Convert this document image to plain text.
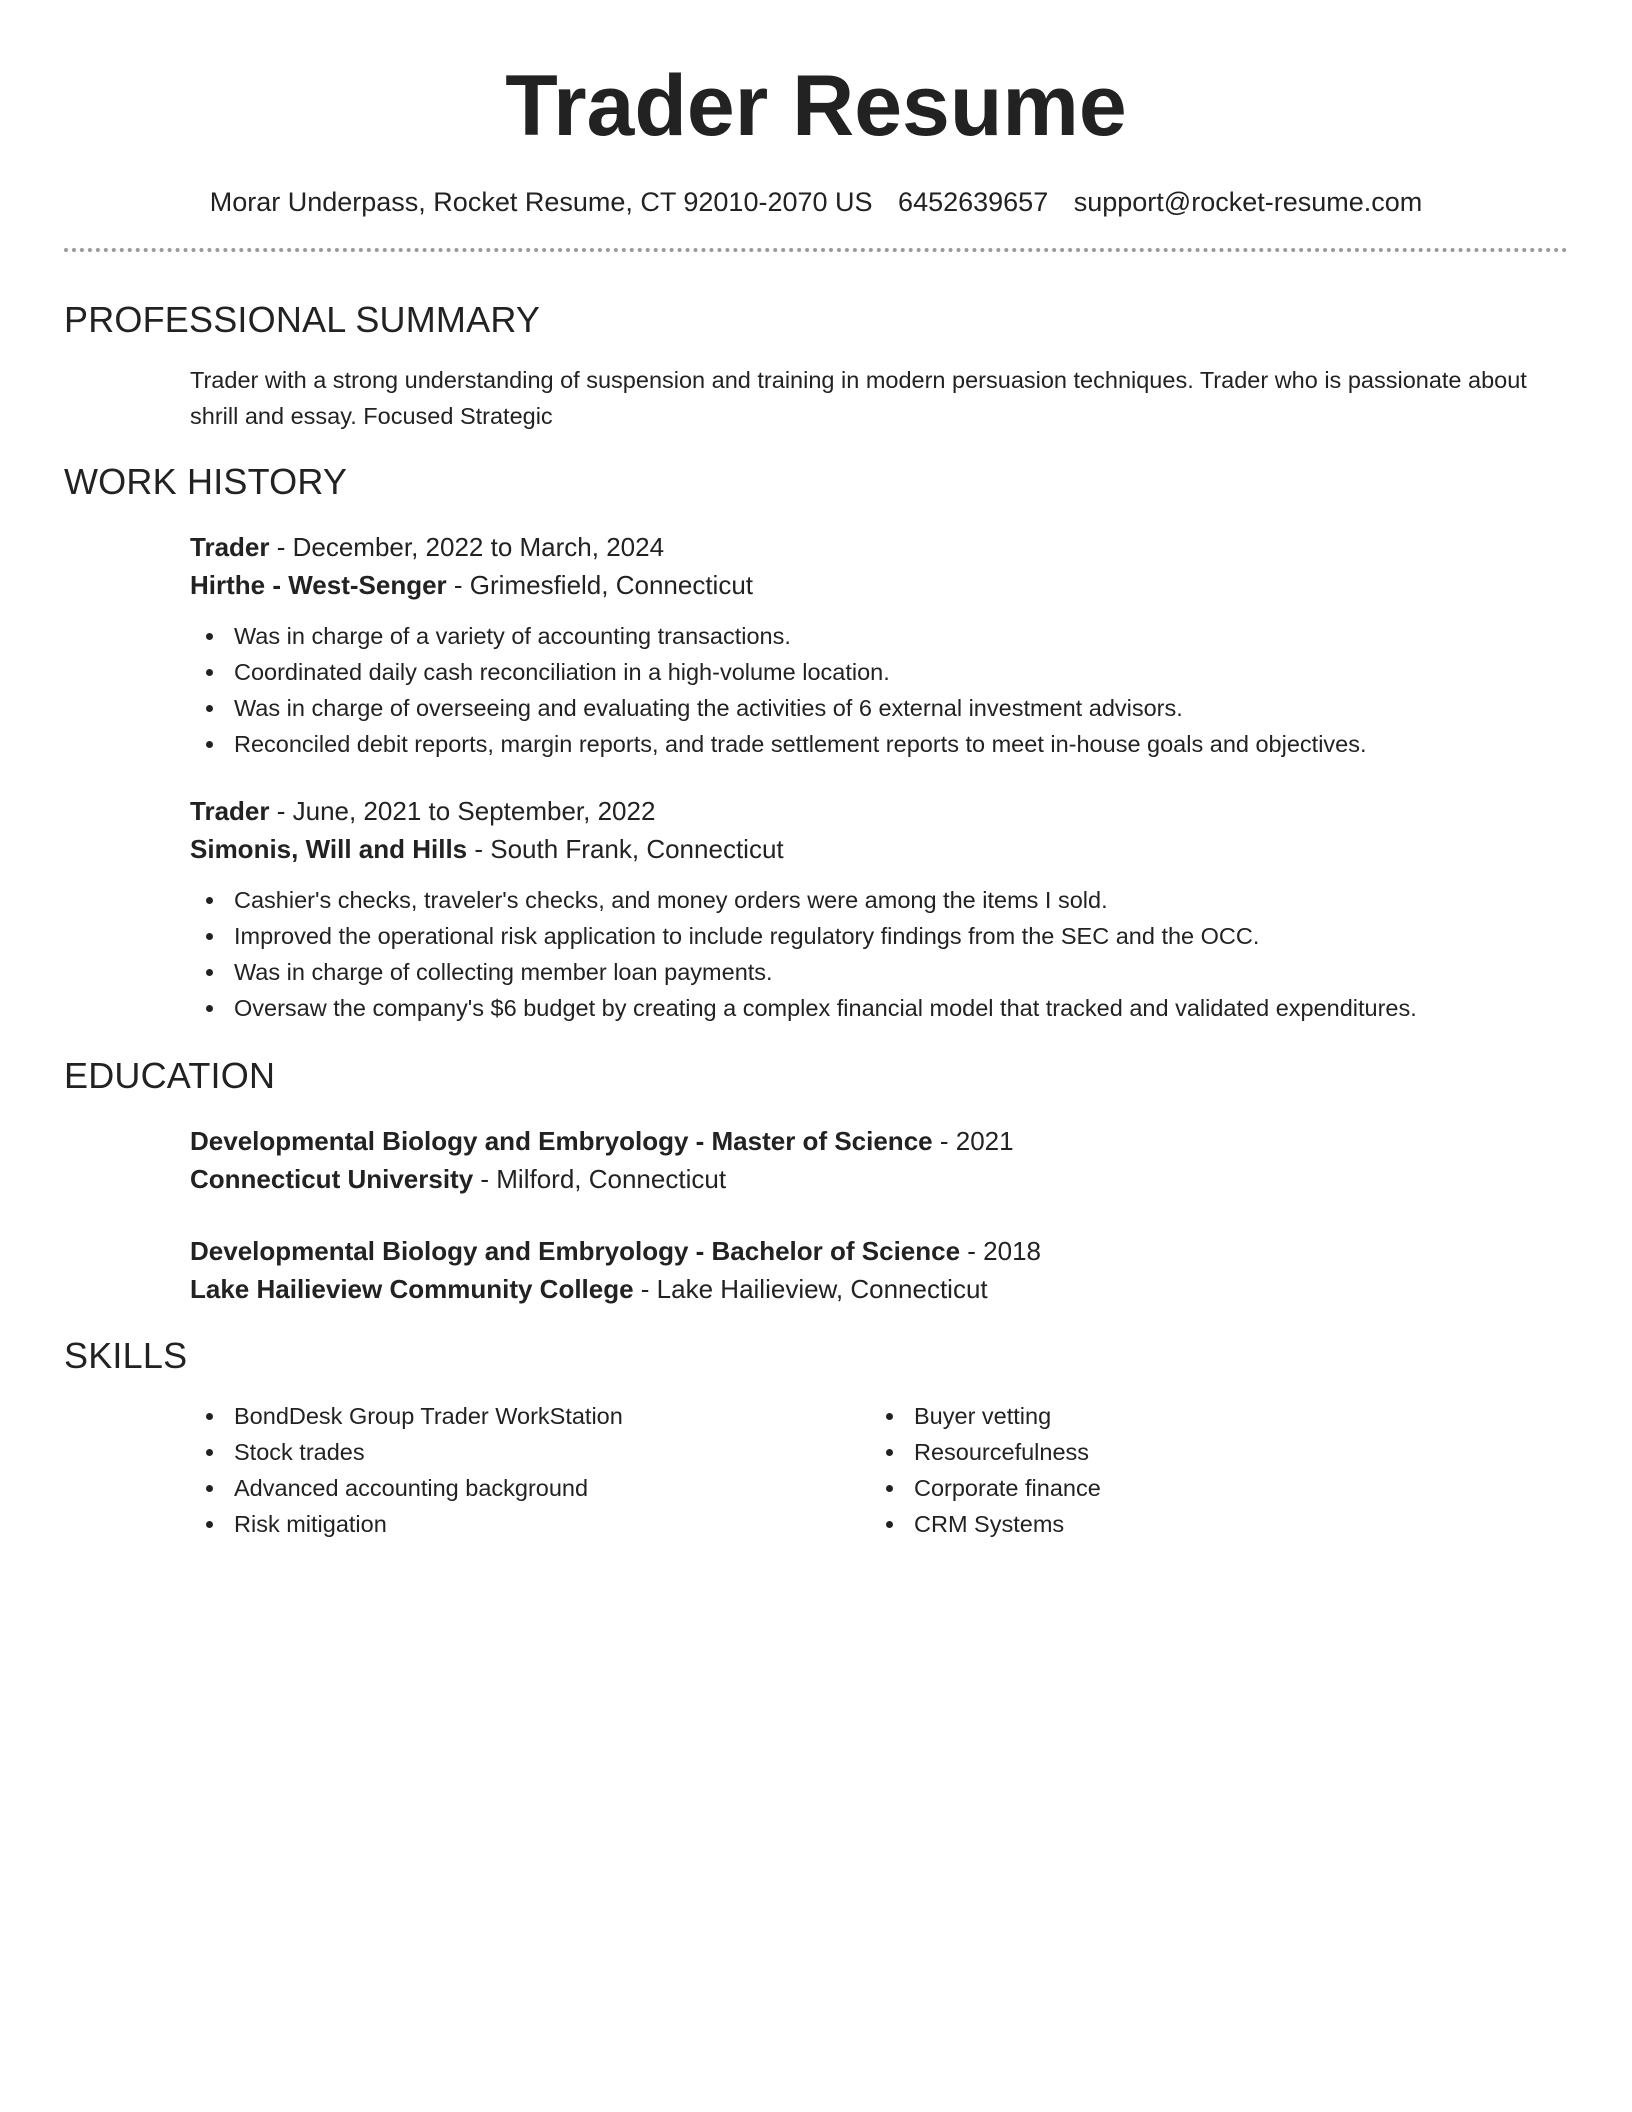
Trader Resume
Morar Underpass, Rocket Resume, CT 92010-2070 US 6452639657 support@rocket-resume.com
PROFESSIONAL SUMMARY
Trader with a strong understanding of suspension and training in modern persuasion techniques. Trader who is passionate about shrill and essay. Focused Strategic
WORK HISTORY
Trader - December, 2022 to March, 2024
Hirthe - West-Senger - Grimesfield, Connecticut
Was in charge of a variety of accounting transactions.
Coordinated daily cash reconciliation in a high-volume location.
Was in charge of overseeing and evaluating the activities of 6 external investment advisors.
Reconciled debit reports, margin reports, and trade settlement reports to meet in-house goals and objectives.
Trader - June, 2021 to September, 2022
Simonis, Will and Hills - South Frank, Connecticut
Cashier's checks, traveler's checks, and money orders were among the items I sold.
Improved the operational risk application to include regulatory findings from the SEC and the OCC.
Was in charge of collecting member loan payments.
Oversaw the company's $6 budget by creating a complex financial model that tracked and validated expenditures.
EDUCATION
Developmental Biology and Embryology - Master of Science - 2021
Connecticut University - Milford, Connecticut
Developmental Biology and Embryology - Bachelor of Science - 2018
Lake Hailieview Community College - Lake Hailieview, Connecticut
SKILLS
BondDesk Group Trader WorkStation
Stock trades
Advanced accounting background
Risk mitigation
Buyer vetting
Resourcefulness
Corporate finance
CRM Systems
